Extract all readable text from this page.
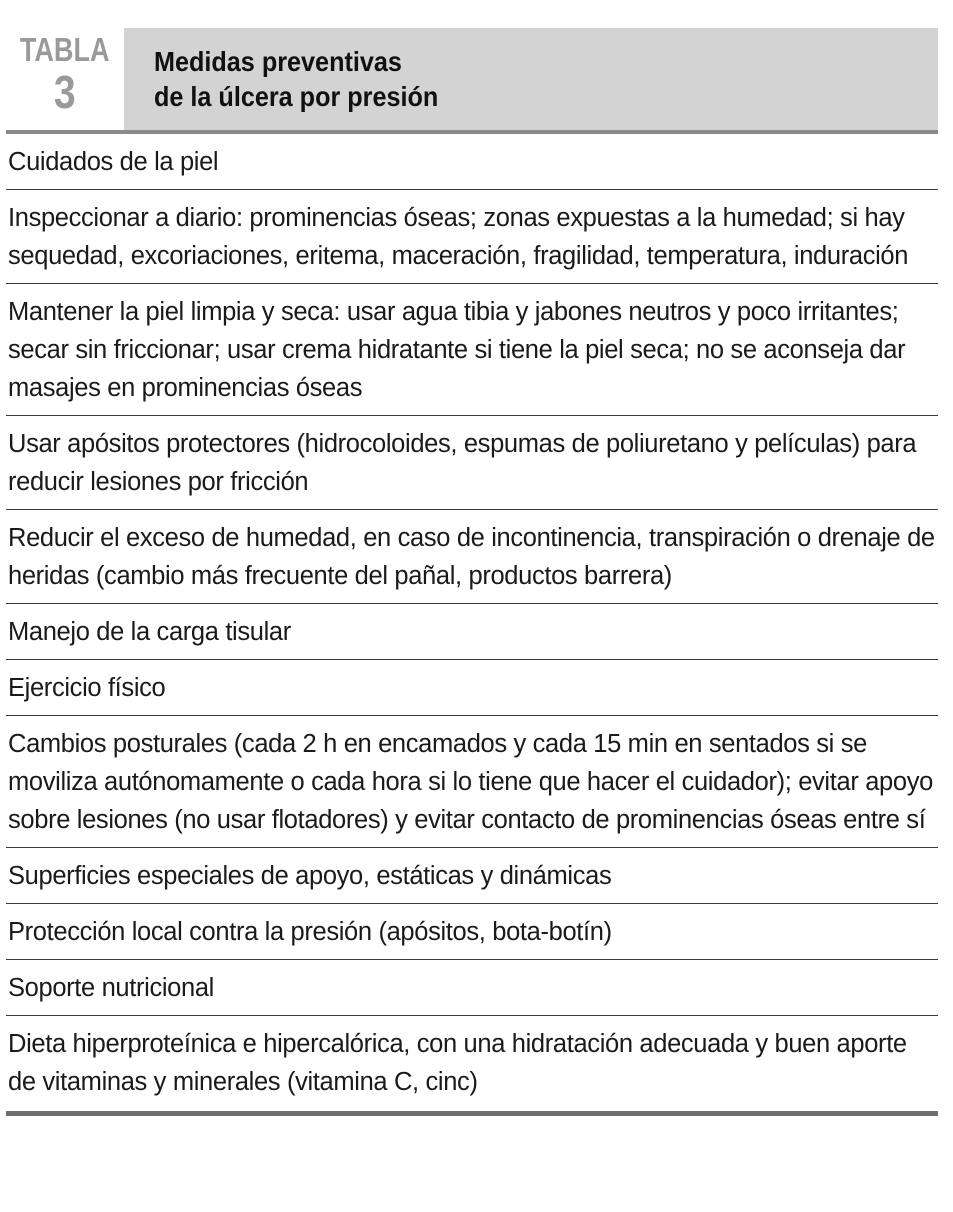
TABLA
3
Medidas preventivas
de la úlcera por presión
Cuidados de la piel
Inspeccionar a diario: prominencias óseas; zonas expuestas a la humedad; si hay sequedad, excoriaciones, eritema, maceración, fragilidad, temperatura, induración
Mantener la piel limpia y seca: usar agua tibia y jabones neutros y poco irritantes; secar sin friccionar; usar crema hidratante si tiene la piel seca; no se aconseja dar masajes en prominencias óseas
Usar apósitos protectores (hidrocoloides, espumas de poliuretano y películas) para reducir lesiones por fricción
Reducir el exceso de humedad, en caso de incontinencia, transpiración o drenaje de heridas (cambio más frecuente del pañal, productos barrera)
Manejo de la carga tisular
Ejercicio físico
Cambios posturales (cada 2 h en encamados y cada 15 min en sentados si se moviliza autónomamente o cada hora si lo tiene que hacer el cuidador); evitar apoyo sobre lesiones (no usar flotadores) y evitar contacto de prominencias óseas entre sí
Superficies especiales de apoyo, estáticas y dinámicas
Protección local contra la presión (apósitos, bota-botín)
Soporte nutricional
Dieta hiperproteínica e hipercalórica, con una hidratación adecuada y buen aporte de vitaminas y minerales (vitamina C, cinc)
